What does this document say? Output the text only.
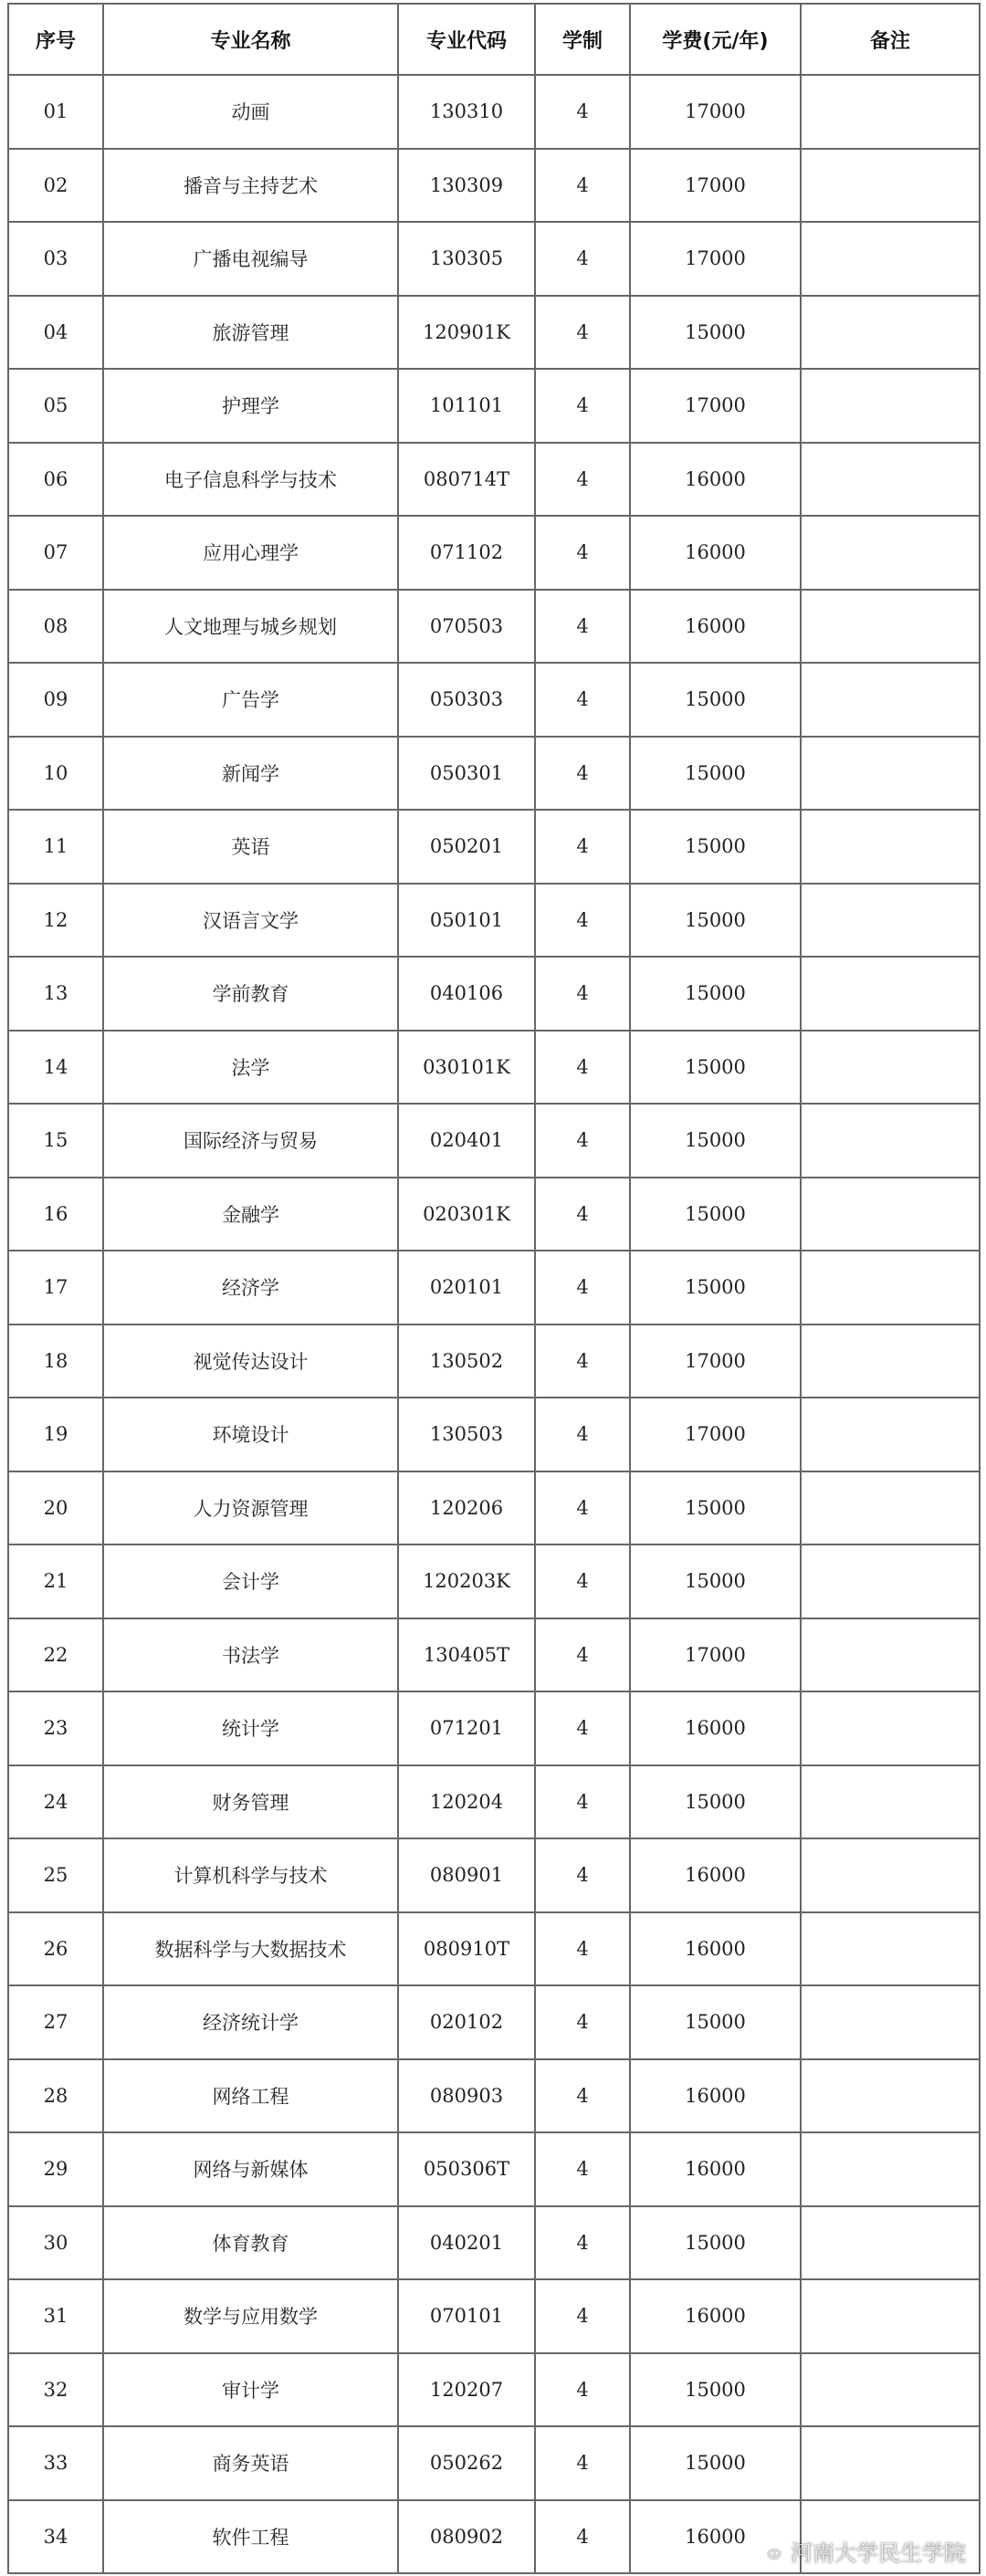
序号	专业名称	专业代码	学制	学费(元/年)	备注
01	动画	130310	4	17000	
02	播音与主持艺术	130309	4	17000	
03	广播电视编导	130305	4	17000	
04	旅游管理	120901K	4	15000	
05	护理学	101101	4	17000	
06	电子信息科学与技术	080714T	4	16000	
07	应用心理学	071102	4	16000	
08	人文地理与城乡规划	070503	4	16000	
09	广告学	050303	4	15000	
10	新闻学	050301	4	15000	
11	英语	050201	4	15000	
12	汉语言文学	050101	4	15000	
13	学前教育	040106	4	15000	
14	法学	030101K	4	15000	
15	国际经济与贸易	020401	4	15000	
16	金融学	020301K	4	15000	
17	经济学	020101	4	15000	
18	视觉传达设计	130502	4	17000	
19	环境设计	130503	4	17000	
20	人力资源管理	120206	4	15000	
21	会计学	120203K	4	15000	
22	书法学	130405T	4	17000	
23	统计学	071201	4	16000	
24	财务管理	120204	4	15000	
25	计算机科学与技术	080901	4	16000	
26	数据科学与大数据技术	080910T	4	16000	
27	经济统计学	020102	4	15000	
28	网络工程	080903	4	16000	
29	网络与新媒体	050306T	4	16000	
30	体育教育	040201	4	15000	
31	数学与应用数学	070101	4	16000	
32	审计学	120207	4	15000	
33	商务英语	050262	4	15000	
34	软件工程	080902	4	16000	
河南大学民生学院
